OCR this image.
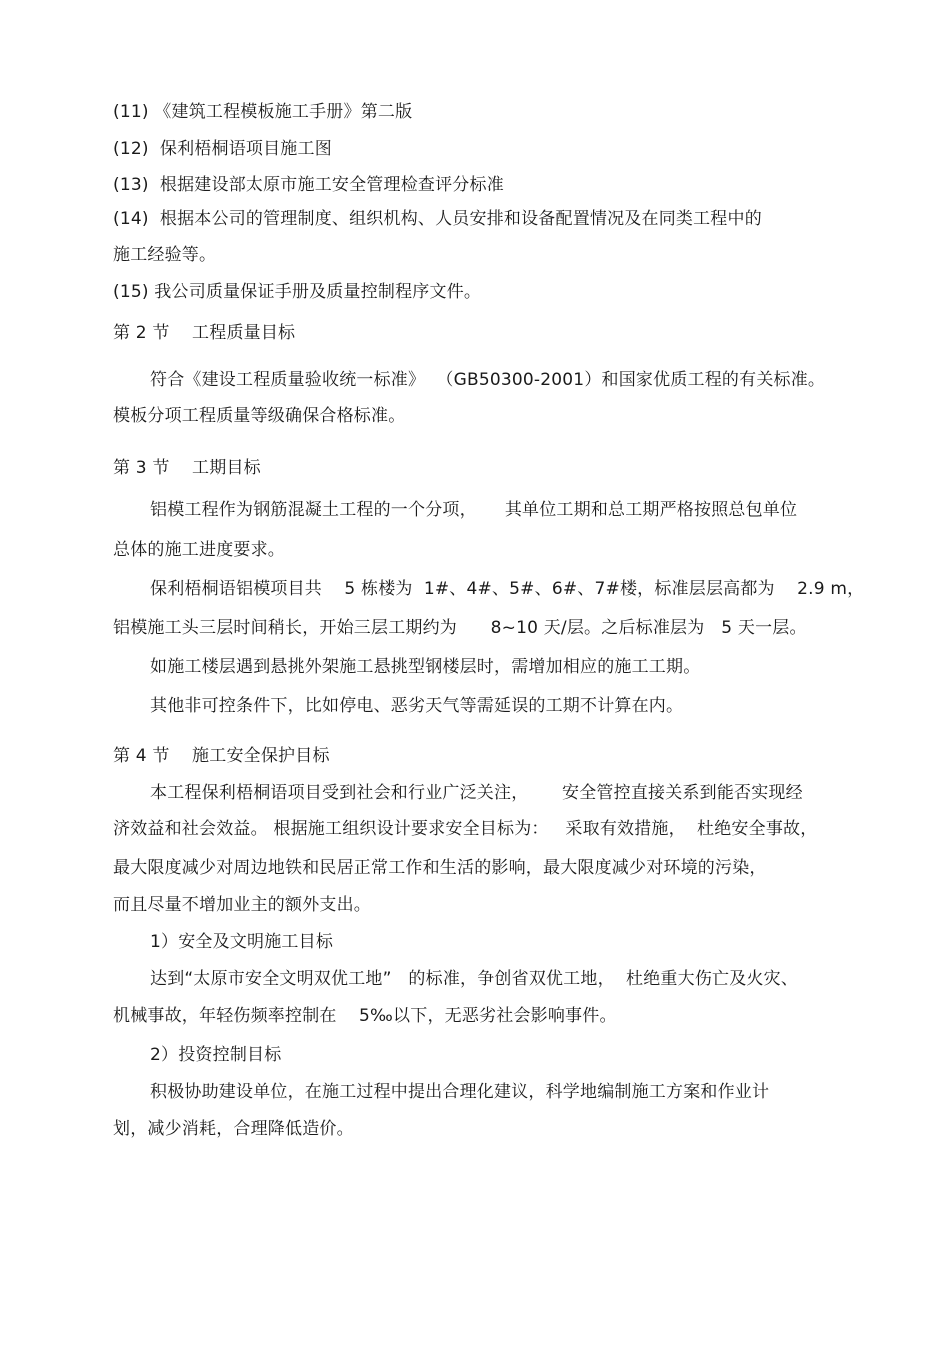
(11) 《建筑工程模板施工手册》第二版
(12)  保利梧桐语项目施工图
(13)  根据建设部太原市施工安全管理检查评分标准
(14)  根据本公司的管理制度、组织机构、人员安排和设备配置情况及在同类工程中的
施工经验等。
(15) 我公司质量保证手册及质量控制程序文件。
第 2 节    工程质量目标
符合《建设工程质量验收统一标准》  （GB50300-2001）和国家优质工程的有关标准。
模板分项工程质量等级确保合格标准。
第 3 节    工期目标
铝模工程作为钢筋混凝土工程的一个分项，     其单位工期和总工期严格按照总包单位
总体的施工进度要求。
保利梧桐语铝模项目共    5 栋楼为  1#、4#、5#、6#、7#楼，标准层层高都为    2.9 m，
铝模施工头三层时间稍长，开始三层工期约为      8~10 天/层。之后标准层为   5 天一层。
如施工楼层遇到悬挑外架施工悬挑型钢楼层时，需增加相应的施工工期。
其他非可控条件下，比如停电、恶劣天气等需延误的工期不计算在内。
第 4 节    施工安全保护目标
本工程保利梧桐语项目受到社会和行业广泛关注，      安全管控直接关系到能否实现经
济效益和社会效益。 根据施工组织设计要求安全目标为：   采取有效措施，  杜绝安全事故，
最大限度减少对周边地铁和民居正常工作和生活的影响，最大限度减少对环境的污染，
而且尽量不增加业主的额外支出。
1）安全及文明施工目标
达到“太原市安全文明双优工地”   的标准，争创省双优工地，  杜绝重大伤亡及火灾、
机械事故，年轻伤频率控制在    5‰以下，无恶劣社会影响事件。
2）投资控制目标
积极协助建设单位，在施工过程中提出合理化建议，科学地编制施工方案和作业计
划，减少消耗，合理降低造价。
